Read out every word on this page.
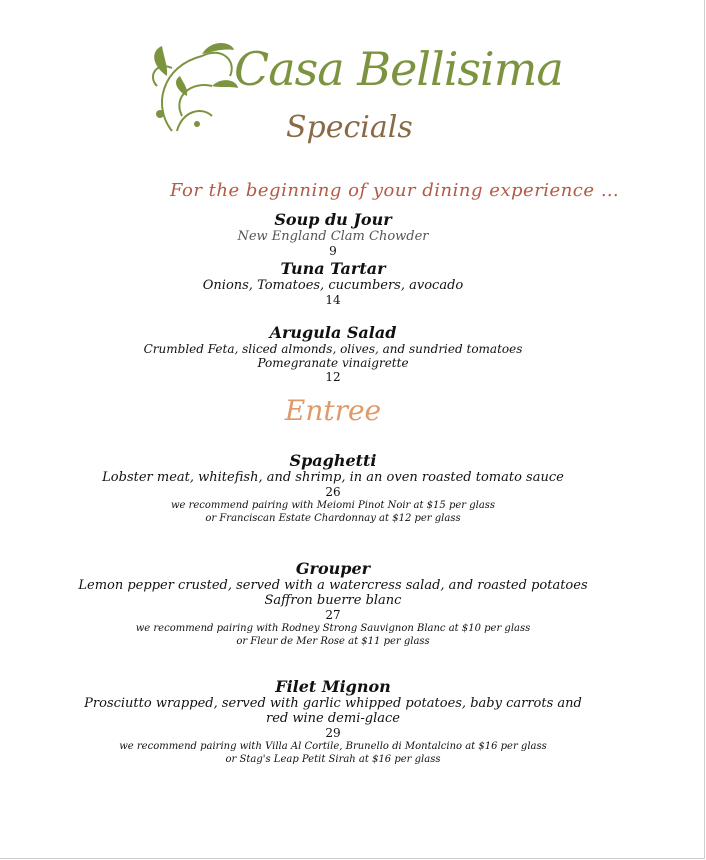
Casa Bellisima
Specials
For the beginning of your dining experience …
Soup du Jour
New England Clam Chowder
9
Tuna Tartar
Onions, Tomatoes, cucumbers, avocado
14
Arugula Salad
Crumbled Feta, sliced almonds, olives, and sundried tomatoes
Pomegranate vinaigrette
12
Entree
Spaghetti
Lobster meat, whitefish, and shrimp, in an oven roasted tomato sauce
26
we recommend pairing with Meiomi Pinot Noir at $15 per glass
or Franciscan Estate Chardonnay at $12 per glass
Grouper
Lemon pepper crusted, served with a watercress salad, and roasted potatoes
Saffron buerre blanc
27
we recommend pairing with Rodney Strong Sauvignon Blanc at $10 per glass
or Fleur de Mer Rose at $11 per glass
Filet Mignon
Prosciutto wrapped, served with garlic whipped potatoes, baby carrots and
red wine demi-glace
29
we recommend pairing with Villa Al Cortile, Brunello di Montalcino at $16 per glass
or Stag's Leap Petit Sirah at $16 per glass
